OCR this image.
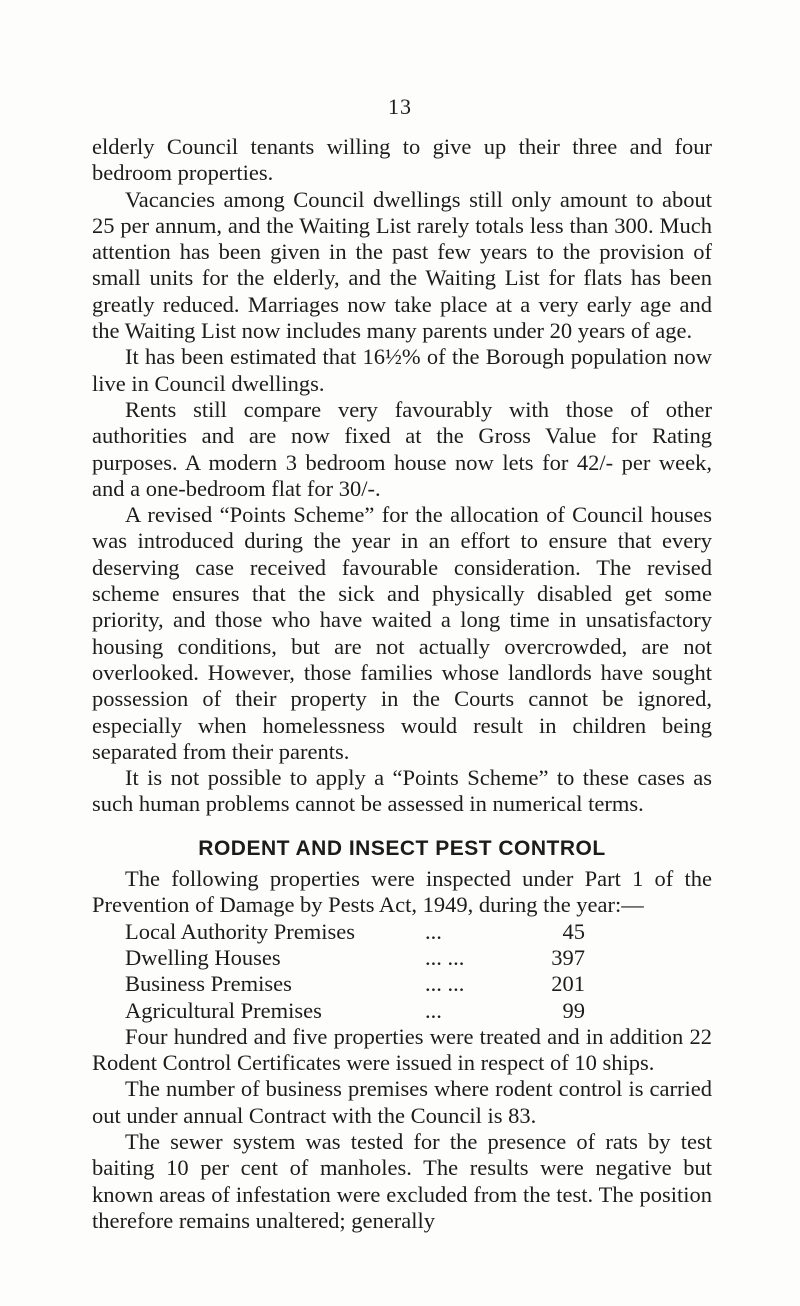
13

elderly Council tenants willing to give up their three and four bedroom properties.

Vacancies among Council dwellings still only amount to about 25 per annum, and the Waiting List rarely totals less than 300. Much attention has been given in the past few years to the provision of small units for the elderly, and the Waiting List for flats has been greatly reduced. Marriages now take place at a very early age and the Waiting List now includes many parents under 20 years of age.

It has been estimated that 16½% of the Borough population now live in Council dwellings.

Rents still compare very favourably with those of other authorities and are now fixed at the Gross Value for Rating purposes. A modern 3 bedroom house now lets for 42/- per week, and a one-bedroom flat for 30/-.

A revised “Points Scheme” for the allocation of Council houses was introduced during the year in an effort to ensure that every deserving case received favourable consideration. The revised scheme ensures that the sick and physically disabled get some priority, and those who have waited a long time in unsatisfactory housing conditions, but are not actually overcrowded, are not overlooked. However, those families whose landlords have sought possession of their property in the Courts cannot be ignored, especially when homelessness would result in children being separated from their parents.

It is not possible to apply a “Points Scheme” to these cases as such human problems cannot be assessed in numerical terms.

RODENT AND INSECT PEST CONTROL

The following properties were inspected under Part 1 of the Prevention of Damage by Pests Act, 1949, during the year:—

Local Authority Premises	...	45
Dwelling Houses	... ...	397
Business Premises	... ...	201
Agricultural Premises	...	99

Four hundred and five properties were treated and in addition 22 Rodent Control Certificates were issued in respect of 10 ships.

The number of business premises where rodent control is carried out under annual Contract with the Council is 83.

The sewer system was tested for the presence of rats by test baiting 10 per cent of manholes. The results were negative but known areas of infestation were excluded from the test. The position therefore remains unaltered; generally
